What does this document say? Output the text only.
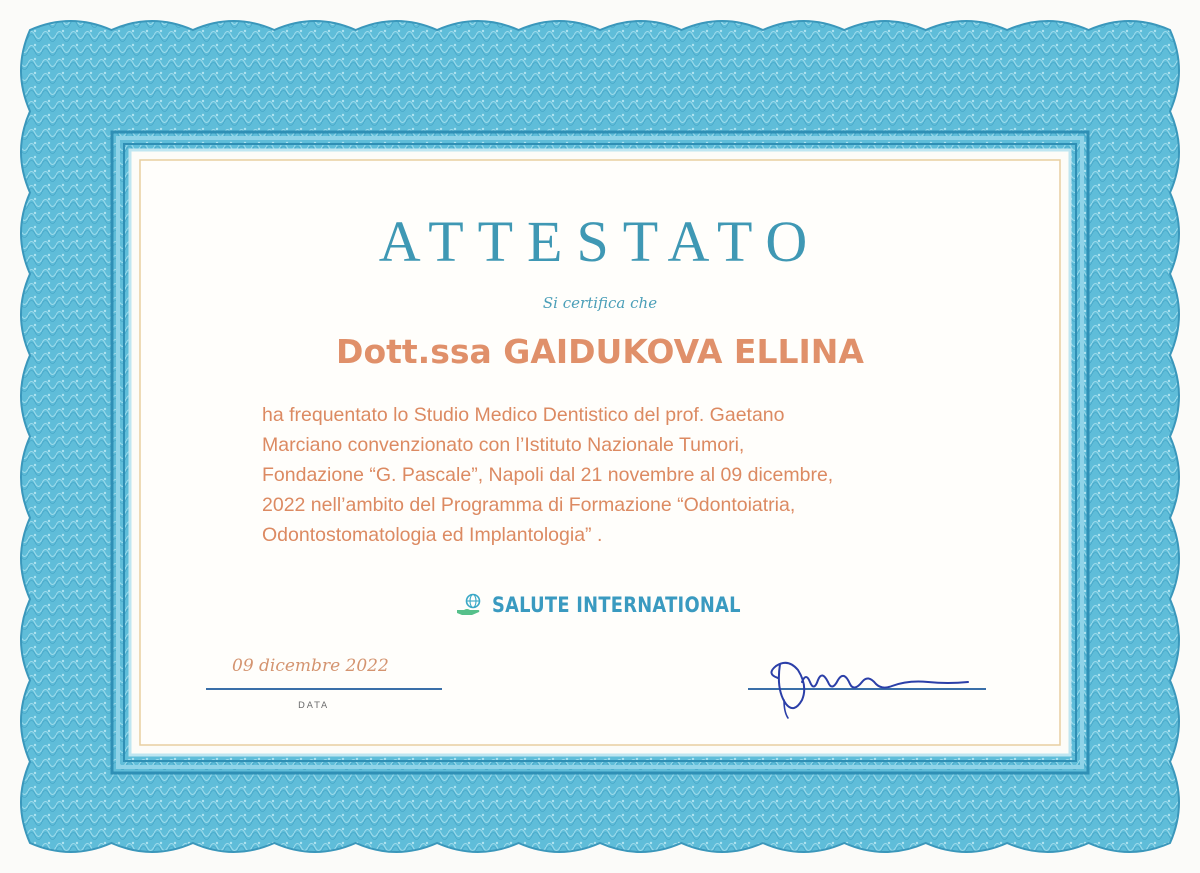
ATTESTATO
Si certifica che
Dott.ssa GAIDUKOVA ELLINA
ha frequentato lo Studio Medico Dentistico del prof. Gaetano
Marciano convenzionato con l’Istituto Nazionale Tumori,
Fondazione “G. Pascale”, Napoli dal 21 novembre al 09 dicembre,
2022 nell’ambito del Programma di Formazione “Odontoiatria,
Odontostomatologia ed Implantologia” .
SALUTE INTERNATIONAL
09 dicembre 2022
DATA
